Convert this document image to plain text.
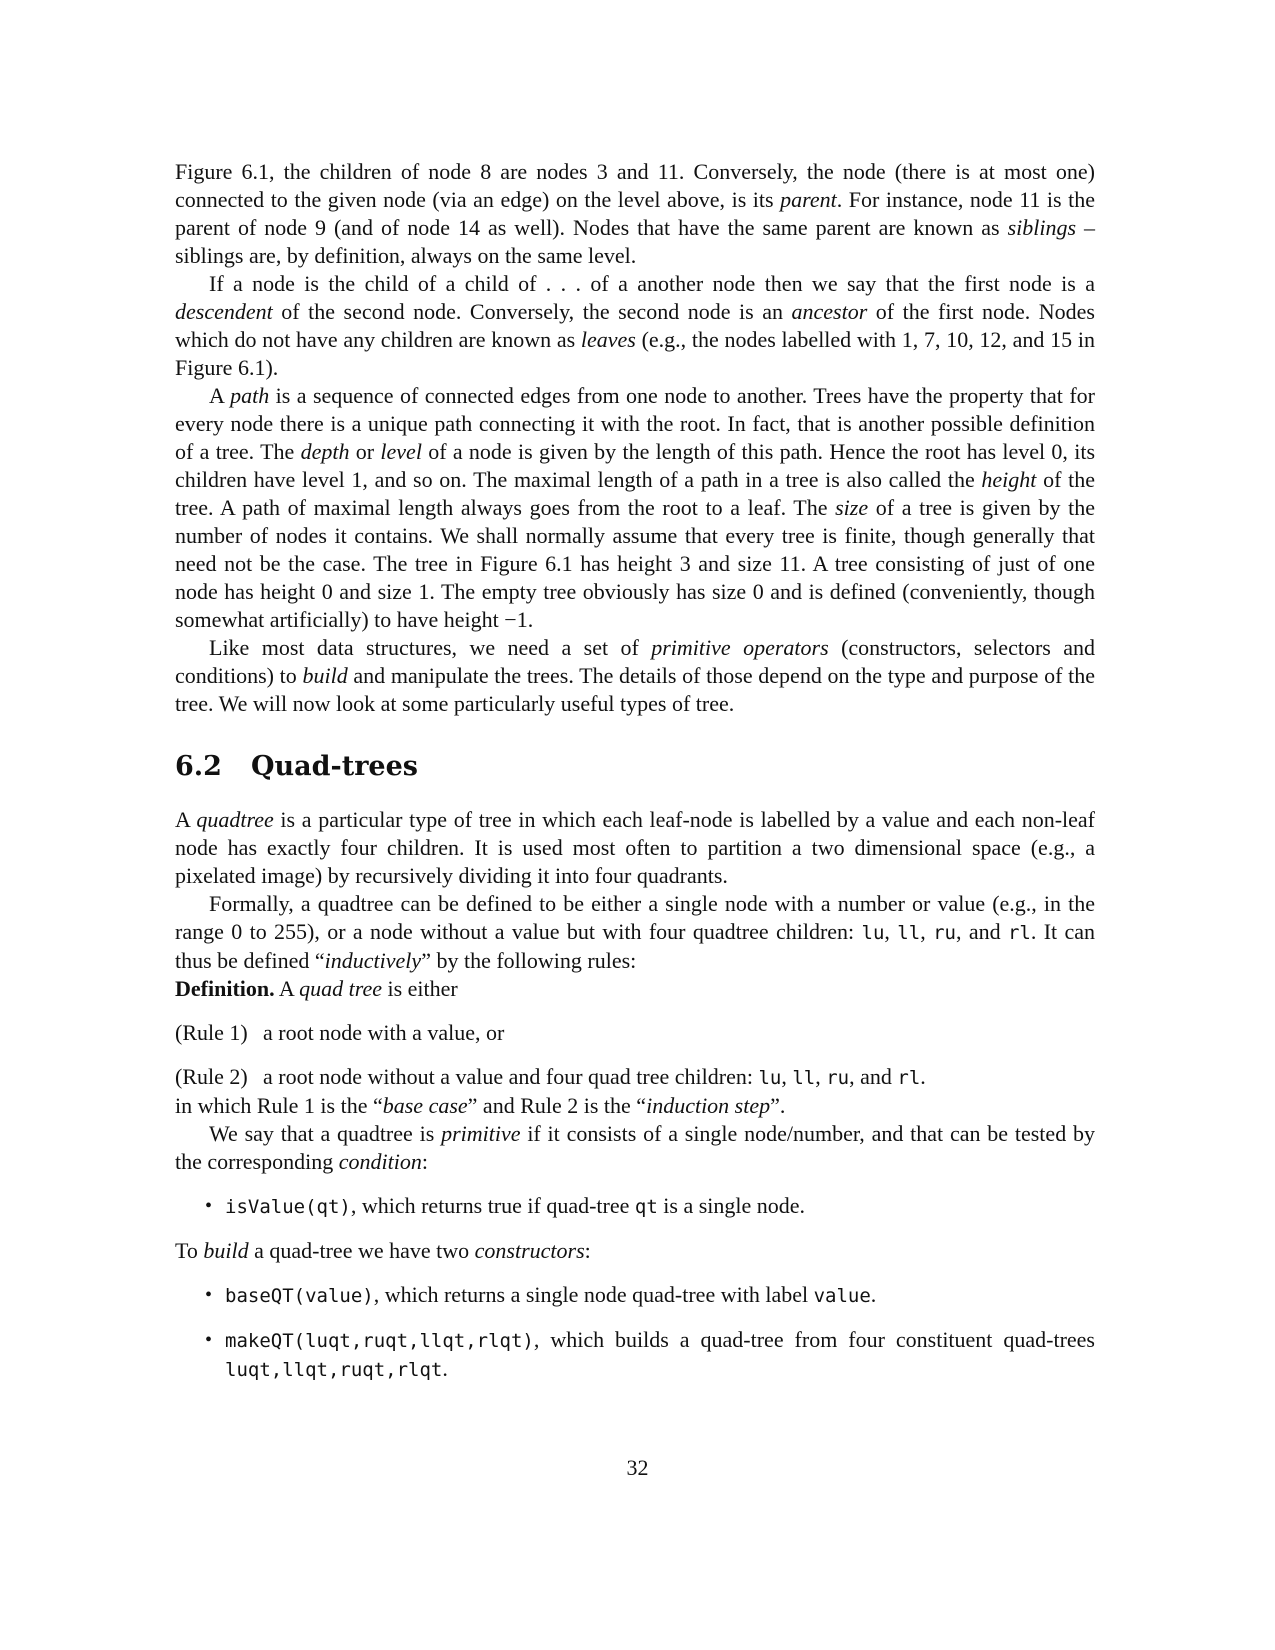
Figure 6.1, the children of node 8 are nodes 3 and 11. Conversely, the node (there is at most one) connected to the given node (via an edge) on the level above, is its parent. For instance, node 11 is the parent of node 9 (and of node 14 as well). Nodes that have the same parent are known as siblings – siblings are, by definition, always on the same level.

If a node is the child of a child of . . . of a another node then we say that the first node is a descendent of the second node. Conversely, the second node is an ancestor of the first node. Nodes which do not have any children are known as leaves (e.g., the nodes labelled with 1, 7, 10, 12, and 15 in Figure 6.1).

A path is a sequence of connected edges from one node to another. Trees have the property that for every node there is a unique path connecting it with the root. In fact, that is another possible definition of a tree. The depth or level of a node is given by the length of this path. Hence the root has level 0, its children have level 1, and so on. The maximal length of a path in a tree is also called the height of the tree. A path of maximal length always goes from the root to a leaf. The size of a tree is given by the number of nodes it contains. We shall normally assume that every tree is finite, though generally that need not be the case. The tree in Figure 6.1 has height 3 and size 11. A tree consisting of just of one node has height 0 and size 1. The empty tree obviously has size 0 and is defined (conveniently, though somewhat artificially) to have height −1.

Like most data structures, we need a set of primitive operators (constructors, selectors and conditions) to build and manipulate the trees. The details of those depend on the type and purpose of the tree. We will now look at some particularly useful types of tree.

6.2 Quad-trees

A quadtree is a particular type of tree in which each leaf-node is labelled by a value and each non-leaf node has exactly four children. It is used most often to partition a two dimensional space (e.g., a pixelated image) by recursively dividing it into four quadrants.

Formally, a quadtree can be defined to be either a single node with a number or value (e.g., in the range 0 to 255), or a node without a value but with four quadtree children: lu, ll, ru, and rl. It can thus be defined “inductively” by the following rules:

Definition. A quad tree is either

(Rule 1) a root node with a value, or
(Rule 2) a root node without a value and four quad tree children: lu, ll, ru, and rl.

in which Rule 1 is the “base case” and Rule 2 is the “induction step”.

We say that a quadtree is primitive if it consists of a single node/number, and that can be tested by the corresponding condition:

• isValue(qt), which returns true if quad-tree qt is a single node.

To build a quad-tree we have two constructors:

• baseQT(value), which returns a single node quad-tree with label value.
• makeQT(luqt,ruqt,llqt,rlqt), which builds a quad-tree from four constituent quad-trees luqt,llqt,ruqt,rlqt.
32
